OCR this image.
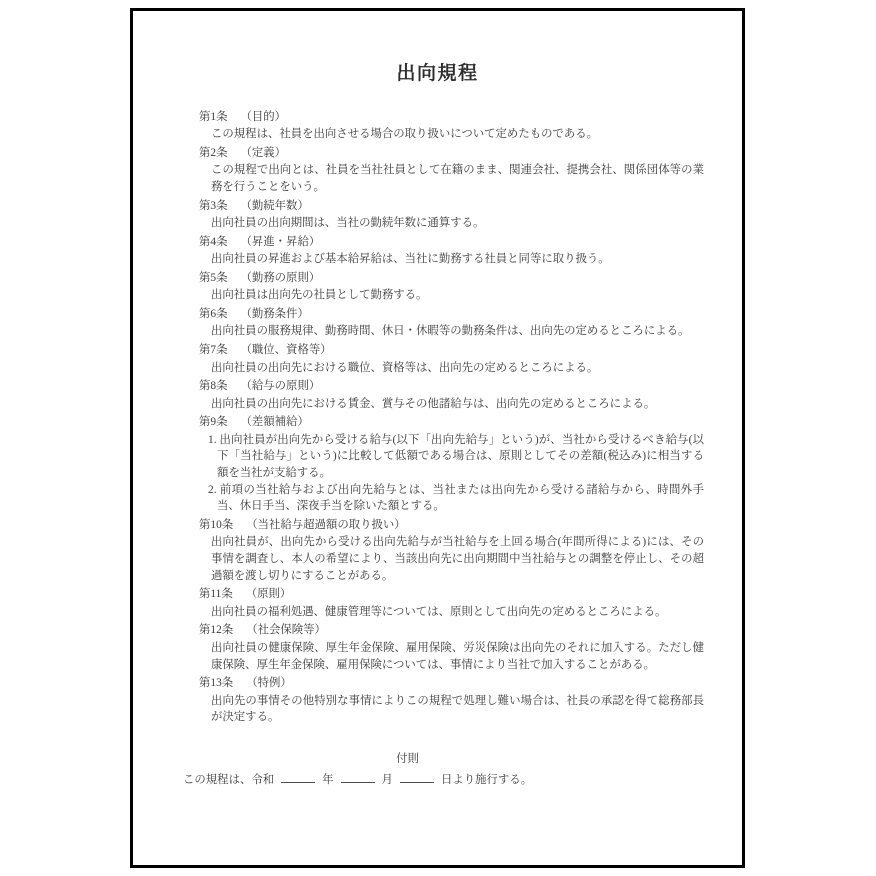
出向規程

第1条 （目的）

この規程は、社員を出向させる場合の取り扱いについて定めたものである。

第2条 （定義）

この規程で出向とは、社員を当社社員として在籍のまま、関連会社、提携会社、関係団体等の業務を行うことをいう。

第3条 （勤続年数）

出向社員の出向期間は、当社の勤続年数に通算する。

第4条 （昇進・昇給）

出向社員の昇進および基本給昇給は、当社に勤務する社員と同等に取り扱う。

第5条 （勤務の原則）

出向社員は出向先の社員として勤務する。

第6条 （勤務条件）

出向社員の服務規律、勤務時間、休日・休暇等の勤務条件は、出向先の定めるところによる。

第7条 （職位、資格等）

出向社員の出向先における職位、資格等は、出向先の定めるところによる。

第8条 （給与の原則）

出向社員の出向先における賃金、賞与その他諸給与は、出向先の定めるところによる。

第9条 （差額補給）

1. 出向社員が出向先から受ける給与(以下「出向先給与」という)が、当社から受けるべき給与(以下「当社給与」という)に比較して低額である場合は、原則としてその差額(税込み)に相当する額を当社が支給する。

2. 前項の当社給与および出向先給与とは、当社または出向先から受ける諸給与から、時間外手当、休日手当、深夜手当を除いた額とする。

第10条 （当社給与超過額の取り扱い）

出向社員が、出向先から受ける出向先給与が当社給与を上回る場合(年間所得による)には、その事情を調査し、本人の希望により、当該出向先に出向期間中当社給与との調整を停止し、その超過額を渡し切りにすることがある。

第11条 （原則）

出向社員の福利処遇、健康管理等については、原則として出向先の定めるところによる。

第12条 （社会保険等）

出向社員の健康保険、厚生年金保険、雇用保険、労災保険は出向先のそれに加入する。ただし健康保険、厚生年金保険、雇用保険については、事情により当社で加入することがある。

第13条 （特例）

出向先の事情その他特別な事情によりこの規程で処理し難い場合は、社長の承認を得て総務部長が決定する。

付則

この規程は、令和	年	月	日より施行する。
